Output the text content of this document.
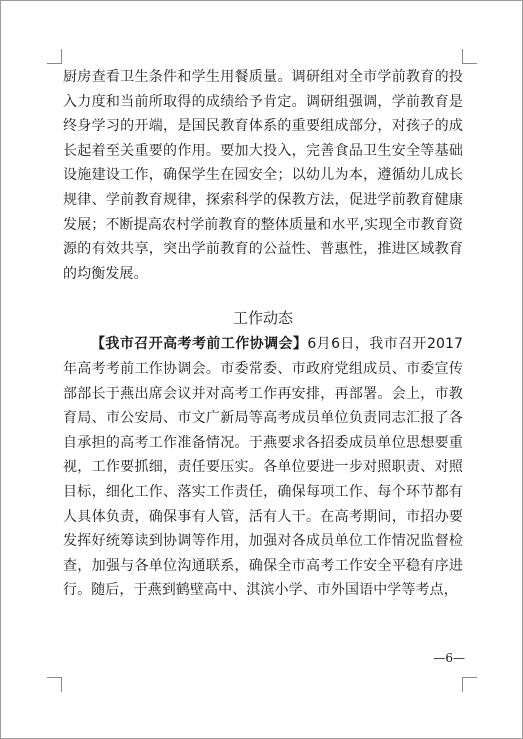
厨房查看卫生条件和学生用餐质量。调研组对全市学前教育的投入力度和当前所取得的成绩给予肯定。调研组强调，学前教育是终身学习的开端，是国民教育体系的重要组成部分，对孩子的成长起着至关重要的作用。要加大投入，完善食品卫生安全等基础设施建设工作，确保学生在园安全；以幼儿为本，遵循幼儿成长规律、学前教育规律，探索科学的保教方法，促进学前教育健康发展；不断提高农村学前教育的整体质量和水平,实现全市教育资源的有效共享，突出学前教育的公益性、普惠性，推进区域教育的均衡发展。

工作动态

【我市召开高考考前工作协调会】6月6日，我市召开2017年高考考前工作协调会。市委常委、市政府党组成员、市委宣传部部长于燕出席会议并对高考工作再安排，再部署。会上，市教育局、市公安局、市文广新局等高考成员单位负责同志汇报了各自承担的高考工作准备情况。于燕要求各招委成员单位思想要重视，工作要抓细，责任要压实。各单位要进一步对照职责、对照目标，细化工作、落实工作责任，确保每项工作、每个环节都有人具体负责，确保事有人管，活有人干。在高考期间，市招办要发挥好统筹读到协调等作用，加强对各成员单位工作情况监督检查，加强与各单位沟通联系，确保全市高考工作安全平稳有序进行。随后，于燕到鹤壁高中、淇滨小学、市外国语中学等考点，

—6—
